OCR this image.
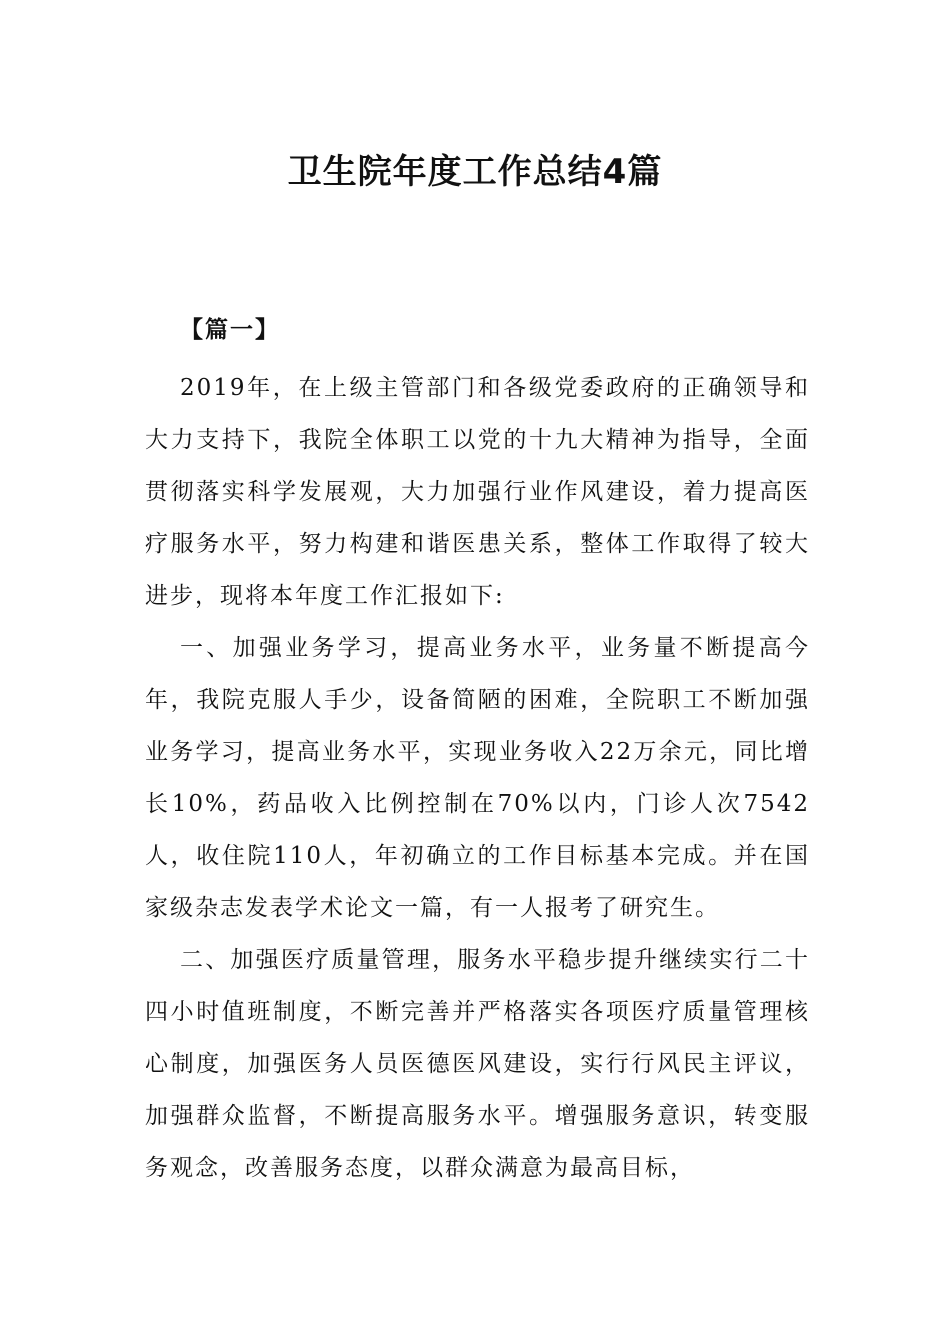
卫生院年度工作总结4篇
【篇一】

2019年，在上级主管部门和各级党委政府的正确领导和大力支持下，我院全体职工以党的十九大精神为指导，全面贯彻落实科学发展观，大力加强行业作风建设，着力提高医疗服务水平，努力构建和谐医患关系，整体工作取得了较大进步，现将本年度工作汇报如下:

一、加强业务学习，提高业务水平，业务量不断提高今年，我院克服人手少，设备简陋的困难，全院职工不断加强业务学习，提高业务水平，实现业务收入22万余元，同比增长10%，药品收入比例控制在70%以内，门诊人次7542人，收住院110人，年初确立的工作目标基本完成。并在国家级杂志发表学术论文一篇，有一人报考了研究生。

二、加强医疗质量管理，服务水平稳步提升继续实行二十四小时值班制度，不断完善并严格落实各项医疗质量管理核心制度，加强医务人员医德医风建设，实行行风民主评议，加强群众监督，不断提高服务水平。增强服务意识，转变服务观念，改善服务态度，以群众满意为最高目标，
